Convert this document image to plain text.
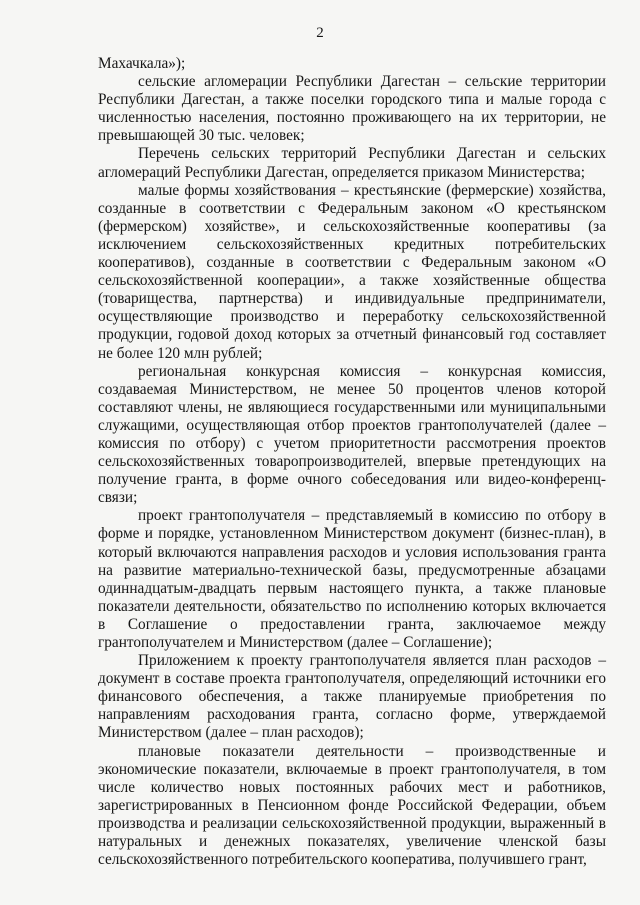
2

Махачкала»);

сельские агломерации Республики Дагестан – сельские территории Республики Дагестан, а также поселки городского типа и малые города с численностью населения, постоянно проживающего на их территории, не превышающей 30 тыс. человек;

Перечень сельских территорий Республики Дагестан и сельских агломераций Республики Дагестан, определяется приказом Министерства;

малые формы хозяйствования – крестьянские (фермерские) хозяйства, созданные в соответствии с Федеральным законом «О крестьянском (фермерском) хозяйстве», и сельскохозяйственные кооперативы (за исключением сельскохозяйственных кредитных потребительских кооперативов), созданные в соответствии с Федеральным законом «О сельскохозяйственной кооперации», а также хозяйственные общества (товарищества, партнерства) и индивидуальные предприниматели, осуществляющие производство и переработку сельскохозяйственной продукции, годовой доход которых за отчетный финансовый год составляет не более 120 млн рублей;

региональная конкурсная комиссия – конкурсная комиссия, создаваемая Министерством, не менее 50 процентов членов которой составляют члены, не являющиеся государственными или муниципальными служащими, осуществляющая отбор проектов грантополучателей (далее – комиссия по отбору) с учетом приоритетности рассмотрения проектов сельскохозяйственных товаропроизводителей, впервые претендующих на получение гранта, в форме очного собеседования или видео-конференц-связи;

проект грантополучателя – представляемый в комиссию по отбору в форме и порядке, установленном Министерством документ (бизнес-план), в который включаются направления расходов и условия использования гранта на развитие материально-технической базы, предусмотренные абзацами одиннадцатым-двадцать первым настоящего пункта, а также плановые показатели деятельности, обязательство по исполнению которых включается в Соглашение о предоставлении гранта, заключаемое между грантополучателем и Министерством (далее – Соглашение);

Приложением к проекту грантополучателя является план расходов – документ в составе проекта грантополучателя, определяющий источники его финансового обеспечения, а также планируемые приобретения по направлениям расходования гранта, согласно форме, утверждаемой Министерством (далее – план расходов);

плановые показатели деятельности – производственные и экономические показатели, включаемые в проект грантополучателя, в том числе количество новых постоянных рабочих мест и работников, зарегистрированных в Пенсионном фонде Российской Федерации, объем производства и реализации сельскохозяйственной продукции, выраженный в натуральных и денежных показателях, увеличение членской базы сельскохозяйственного потребительского кооператива, получившего грант,
